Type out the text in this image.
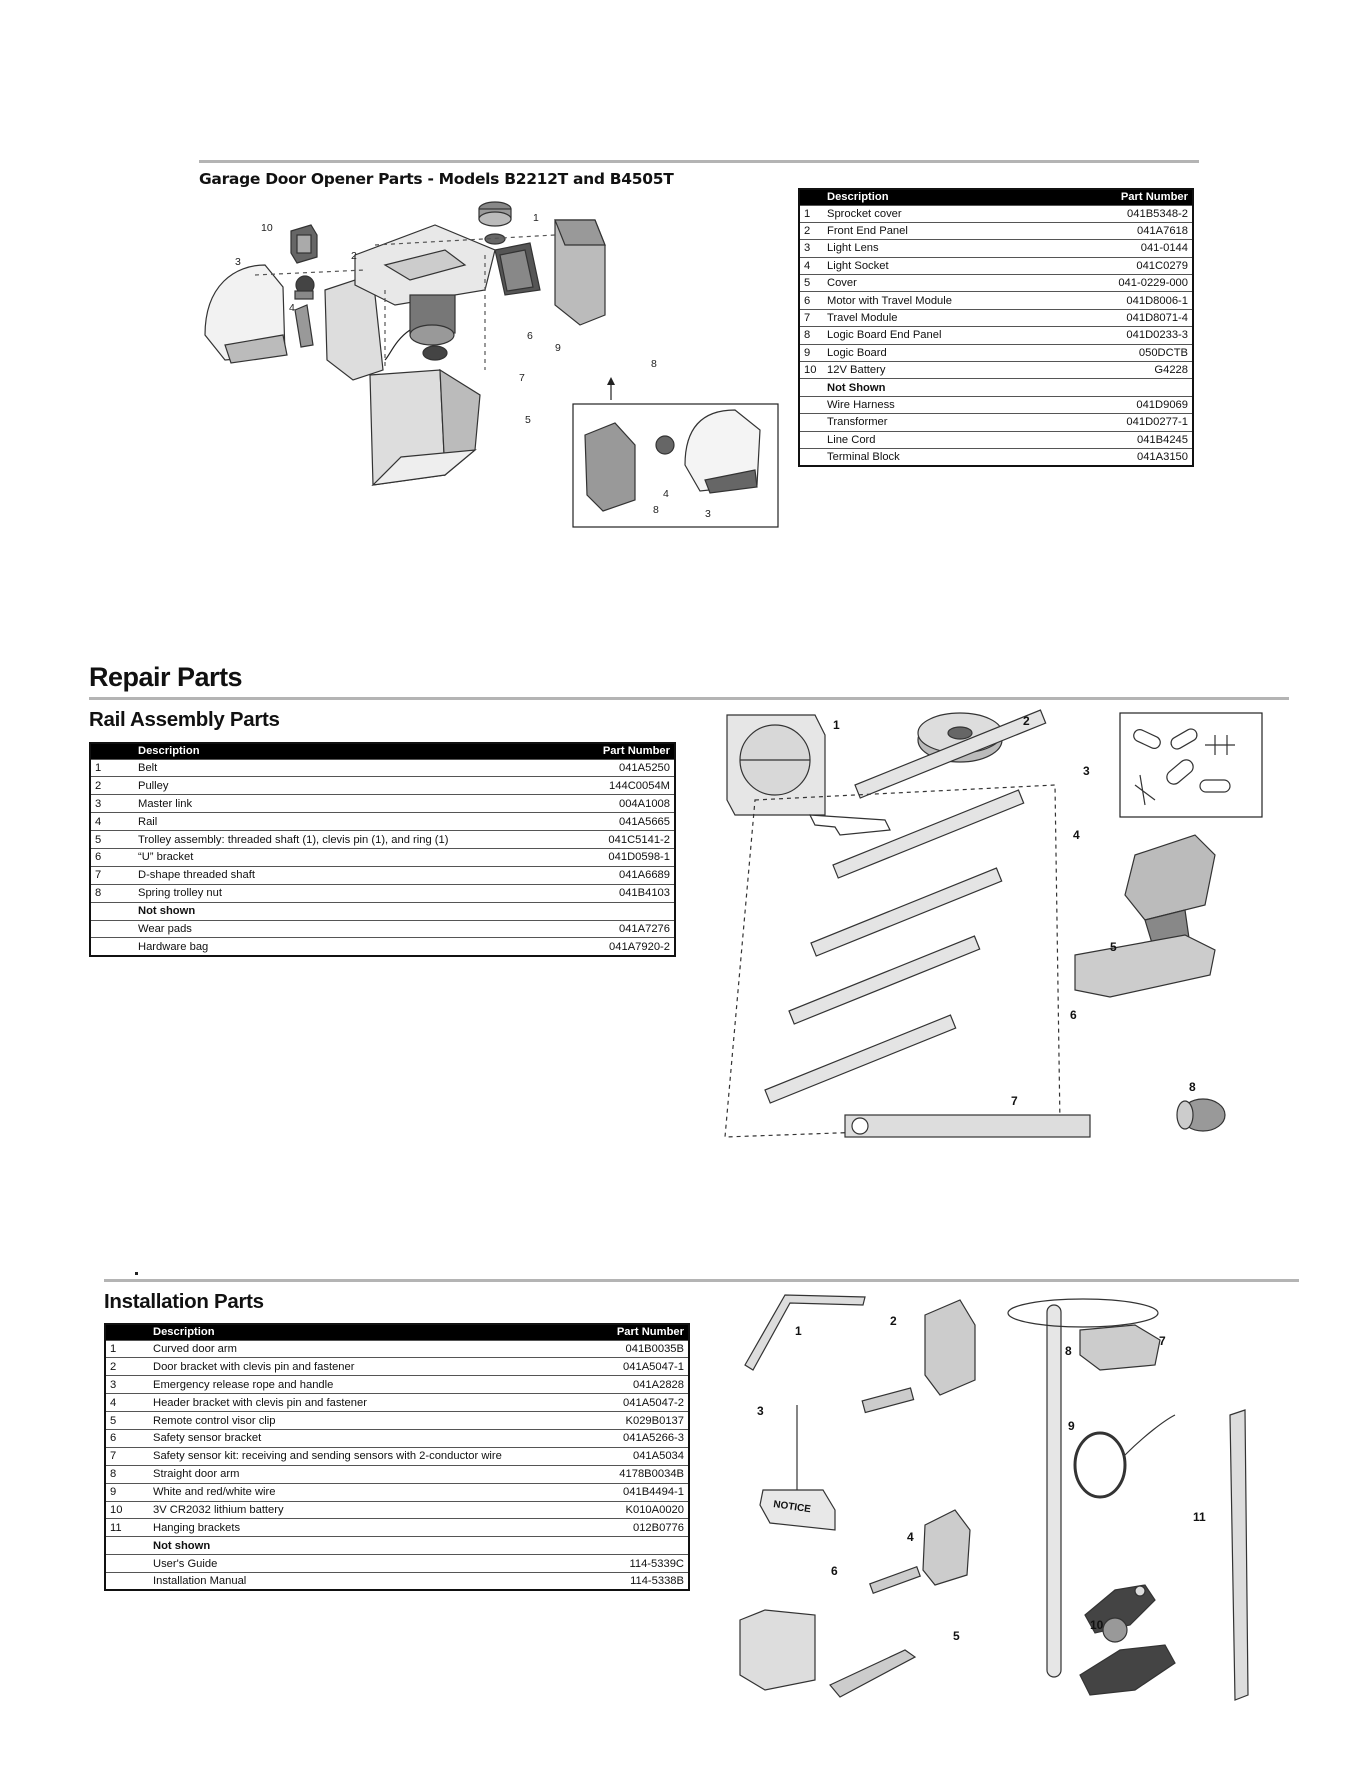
Garage Door Opener Parts - Models B2212T and B4505T
1
2
3
4
5
6
7
8
9
10
8
4
3
	Description	Part Number
1	Sprocket cover	041B5348-2
2	Front End Panel	041A7618
3	Light Lens	041-0144
4	Light Socket	041C0279
5	Cover	041-0229-000
6	Motor with Travel Module	041D8006-1
7	Travel Module	041D8071-4
8	Logic Board End Panel	041D0233-3
9	Logic Board	050DCTB
10	12V Battery	G4228
	Not Shown	
	Wire Harness	041D9069
	Transformer	041D0277-1
	Line Cord	041B4245
	Terminal Block	041A3150
Repair Parts
Rail Assembly Parts
	Description	Part Number
1	Belt	041A5250
2	Pulley	144C0054M
3	Master link	004A1008
4	Rail	041A5665
5	Trolley assembly: threaded shaft (1), clevis pin (1), and ring (1)	041C5141-2
6	“U” bracket	041D0598-1
7	D-shape threaded shaft	041A6689
8	Spring trolley nut	041B4103
	Not shown	
	Wear pads	041A7276
	Hardware bag	041A7920-2
1	2
3
4
5
6
7
8
Installation Parts
	Description	Part Number
1	Curved door arm	041B0035B
2	Door bracket with clevis pin and fastener	041A5047-1
3	Emergency release rope and handle	041A2828
4	Header bracket with clevis pin and fastener	041A5047-2
5	Remote control visor clip	K029B0137
6	Safety sensor bracket	041A5266-3
7	Safety sensor kit: receiving and sending sensors with 2-conductor wire	041A5034
8	Straight door arm	4178B0034B
9	White and red/white wire	041B4494-1
10	3V CR2032 lithium battery	K010A0020
11	Hanging brackets	012B0776
	Not shown	
	User's Guide	114-5339C
	Installation Manual	114-5338B
1
2
3
4
5
6
7
8
9
10
11
NOTICE
